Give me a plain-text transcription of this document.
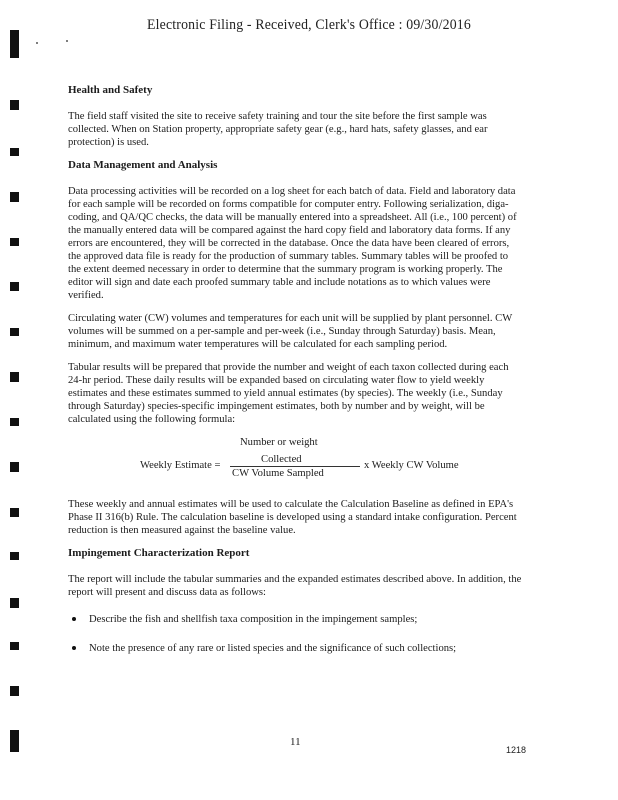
Electronic Filing - Received, Clerk's Office : 09/30/2016
Health and Safety

The field staff visited the site to receive safety training and tour the site before the first sample was collected. When on Station property, appropriate safety gear (e.g., hard hats, safety glasses, and ear protection) is used.

Data Management and Analysis

Data processing activities will be recorded on a log sheet for each batch of data. Field and laboratory data for each sample will be recorded on forms compatible for computer entry. Following serialization, diga-coding, and QA/QC checks, the data will be manually entered into a spreadsheet. All (i.e., 100 percent) of the manually entered data will be compared against the hard copy field and laboratory data forms. If any errors are encountered, they will be corrected in the database. Once the data have been cleared of errors, the approved data file is ready for the production of summary tables. Summary tables will be proofed to the extent deemed necessary in order to determine that the summary program is working properly. The editor will sign and date each proofed summary table and include notations as to which values were verified.

Circulating water (CW) volumes and temperatures for each unit will be supplied by plant personnel. CW volumes will be summed on a per-sample and per-week (i.e., Sunday through Saturday) basis. Mean, minimum, and maximum water temperatures will be calculated for each sampling period.

Tabular results will be prepared that provide the number and weight of each taxon collected during each 24-hr period. These daily results will be expanded based on circulating water flow to yield weekly estimates and these estimates summed to yield annual estimates (by species). The weekly (i.e., Sunday through Saturday) species-specific impingement estimates, both by number and by weight, will be calculated using the following formula:

Number or weight
Weekly Estimate =
Collected
CW Volume Sampled
x Weekly CW Volume

These weekly and annual estimates will be used to calculate the Calculation Baseline as defined in EPA's Phase II 316(b) Rule. The calculation baseline is developed using a standard intake configuration. Percent reduction is then measured against the baseline value.

Impingement Characterization Report

The report will include the tabular summaries and the expanded estimates described above. In addition, the report will present and discuss data as follows:

Describe the fish and shellfish taxa composition in the impingement samples;
Note the presence of any rare or listed species and the significance of such collections;
11
1218
